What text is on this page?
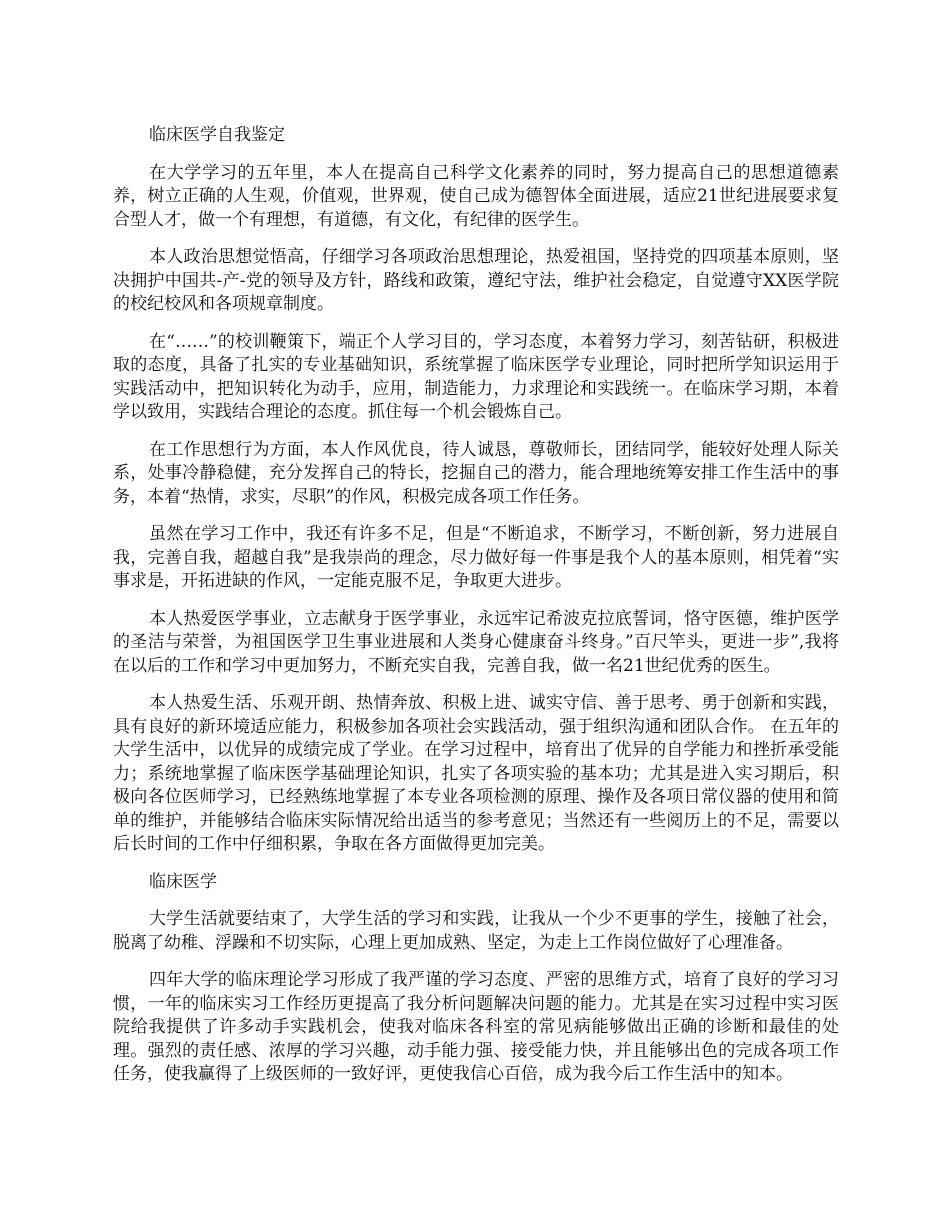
临床医学自我鉴定

在大学学习的五年里，本人在提高自己科学文化素养的同时，努力提高自己的思想道德素养，树立正确的人生观，价值观，世界观，使自己成为德智体全面进展，适应21世纪进展要求复合型人才，做一个有理想，有道德，有文化，有纪律的医学生。

本人政治思想觉悟高，仔细学习各项政治思想理论，热爱祖国，坚持党的四项基本原则，坚决拥护中国共-产-党的领导及方针，路线和政策，遵纪守法，维护社会稳定，自觉遵守XX医学院的校纪校风和各项规章制度。

在“……”的校训鞭策下，端正个人学习目的，学习态度，本着努力学习，刻苦钻研，积极进取的态度，具备了扎实的专业基础知识，系统掌握了临床医学专业理论，同时把所学知识运用于实践活动中，把知识转化为动手，应用，制造能力，力求理论和实践统一。在临床学习期，本着学以致用，实践结合理论的态度。抓住每一个机会锻炼自己。

在工作思想行为方面，本人作风优良，待人诚恳，尊敬师长，团结同学，能较好处理人际关系，处事冷静稳健，充分发挥自己的特长，挖掘自己的潜力，能合理地统筹安排工作生活中的事务，本着“热情，求实，尽职”的作风，积极完成各项工作任务。

虽然在学习工作中，我还有许多不足，但是“不断追求，不断学习，不断创新，努力进展自我，完善自我，超越自我”是我崇尚的理念，尽力做好每一件事是我个人的基本原则，相凭着“实事求是，开拓进缺的作风，一定能克服不足，争取更大进步。

本人热爱医学事业，立志献身于医学事业，永远牢记希波克拉底誓词，恪守医德，维护医学的圣洁与荣誉，为祖国医学卫生事业进展和人类身心健康奋斗终身。”百尺竿头，更进一步”,我将在以后的工作和学习中更加努力，不断充实自我，完善自我，做一名21世纪优秀的医生。

本人热爱生活、乐观开朗、热情奔放、积极上进、诚实守信、善于思考、勇于创新和实践，具有良好的新环境适应能力，积极参加各项社会实践活动，强于组织沟通和团队合作。 在五年的大学生活中，以优异的成绩完成了学业。在学习过程中，培育出了优异的自学能力和挫折承受能力；系统地掌握了临床医学基础理论知识，扎实了各项实验的基本功；尤其是进入实习期后，积极向各位医师学习，已经熟练地掌握了本专业各项检测的原理、操作及各项日常仪器的使用和简单的维护，并能够结合临床实际情况给出适当的参考意见；当然还有一些阅历上的不足，需要以后长时间的工作中仔细积累，争取在各方面做得更加完美。

临床医学

大学生活就要结束了，大学生活的学习和实践，让我从一个少不更事的学生，接触了社会，脱离了幼稚、浮躁和不切实际，心理上更加成熟、坚定，为走上工作岗位做好了心理准备。

四年大学的临床理论学习形成了我严谨的学习态度、严密的思维方式，培育了良好的学习习惯，一年的临床实习工作经历更提高了我分析问题解决问题的能力。尤其是在实习过程中实习医院给我提供了许多动手实践机会，使我对临床各科室的常见病能够做出正确的诊断和最佳的处理。强烈的责任感、浓厚的学习兴趣，动手能力强、接受能力快，并且能够出色的完成各项工作任务，使我赢得了上级医师的一致好评，更使我信心百倍，成为我今后工作生活中的知本。
